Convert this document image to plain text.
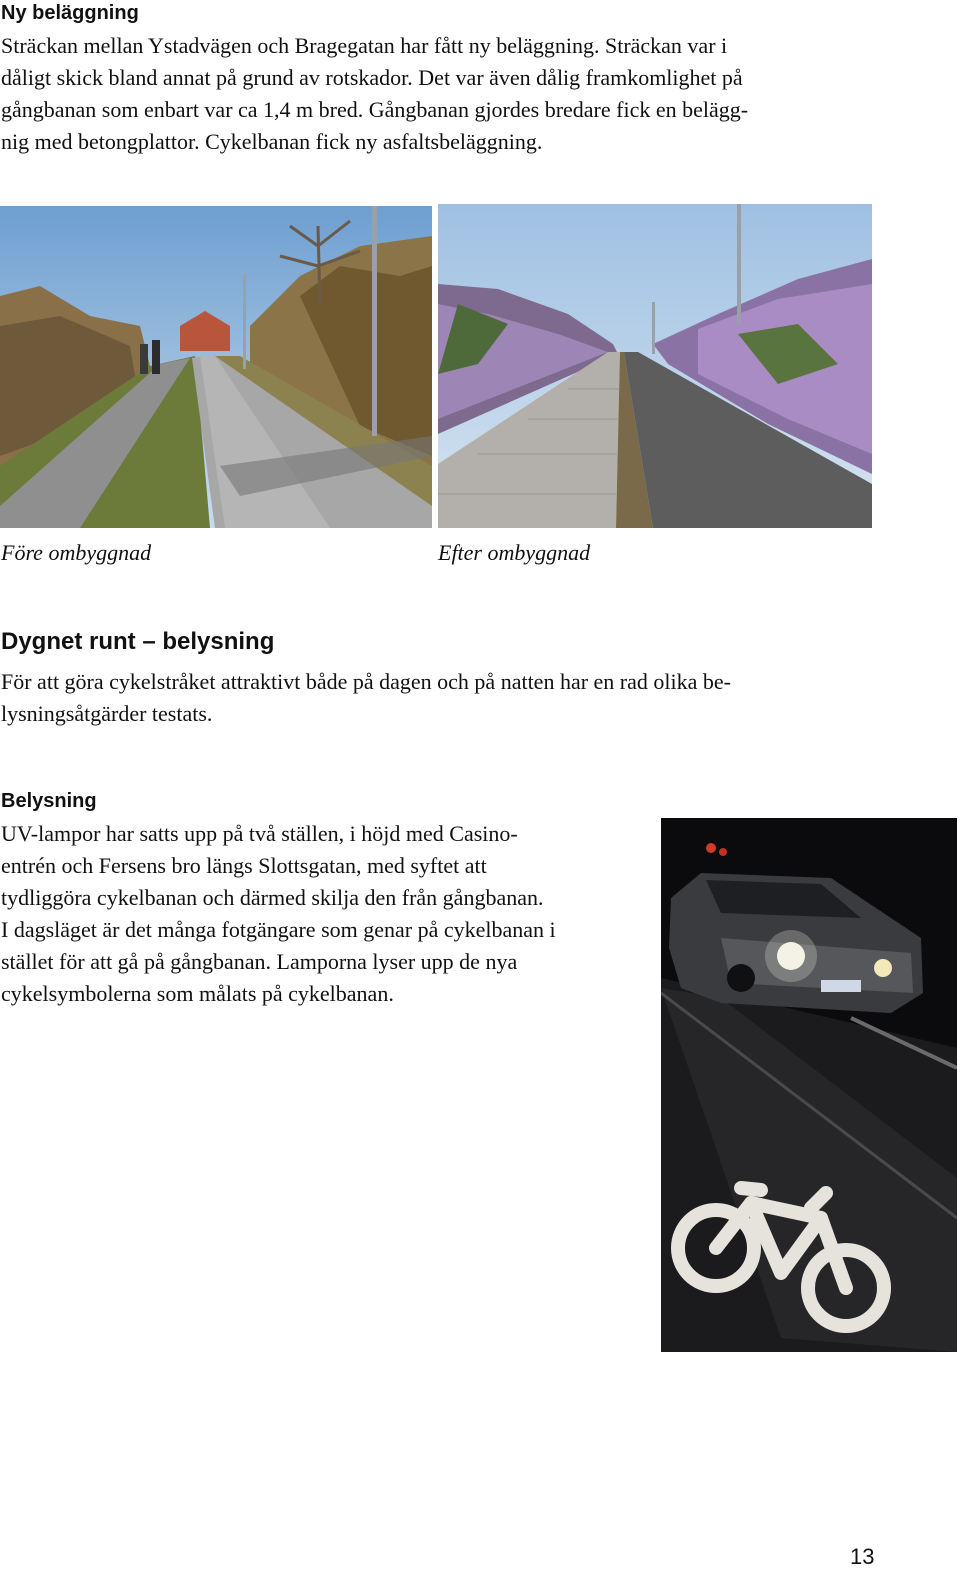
Ny beläggning
Sträckan mellan Ystadvägen och Bragegatan har fått ny beläggning. Sträckan var i
dåligt skick bland annat på grund av rotskador. Det var även dålig framkomlighet på
gångbanan som enbart var ca 1,4 m bred. Gångbanan gjordes bredare fick en belägg-
nig med betongplattor. Cykelbanan fick ny asfaltsbeläggning.
Före ombyggnad	Efter ombyggnad
Dygnet runt – belysning
För att göra cykelstråket attraktivt både på dagen och på natten har en rad olika be-
lysningsåtgärder testats.
Belysning
UV-lampor har satts upp på två ställen, i höjd med Casino-
entrén och Fersens bro längs Slottsgatan, med syftet att
tydliggöra cykelbanan och därmed skilja den från gångbanan.
I dagsläget är det många fotgängare som genar på cykelbanan i
stället för att gå på gångbanan. Lamporna lyser upp de nya
cykelsymbolerna som målats på cykelbanan.
13
